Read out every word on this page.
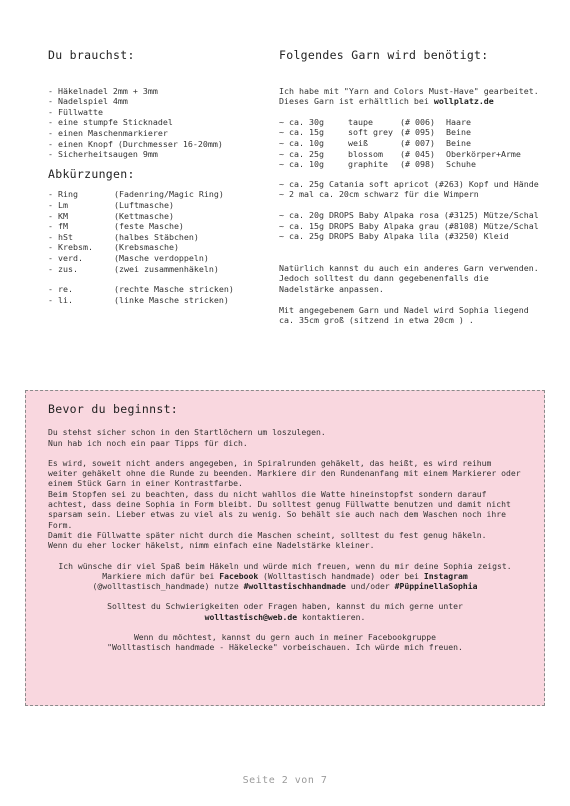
Du brauchst:
- Häkelnadel 2mm + 3mm
- Nadelspiel 4mm
- Füllwatte
- eine stumpfe Sticknadel
- einen Maschenmarkierer
- einen Knopf (Durchmesser 16-20mm)
- Sicherheitsaugen 9mm
Abkürzungen:
- Ring	(Fadenring/Magic Ring)
- Lm	(Luftmasche)
- KM	(Kettmasche)
- fM	(feste Masche)
- hSt	(halbes Stäbchen)
- Krebsm.	(Krebsmasche)
- verd.	(Masche verdoppeln)
- zus.	(zwei zusammenhäkeln)
- re.	(rechte Masche stricken)
- li.	(linke Masche stricken)
Folgendes Garn wird benötigt:

Ich habe mit "Yarn and Colors Must-Have" gearbeitet.

Dieses Garn ist erhältlich bei wollplatz.de

~ ca. 30g	taupe	(# 006)	Haare
~ ca. 15g	soft grey (# 095)	Beine
~ ca. 10g	weiß	(# 007)	Beine
~ ca. 25g	blossom	(# 045)	Oberkörper+Arme
~ ca. 10g	graphite	(# 098)	Schuhe

~ ca. 25g Catania soft apricot (#263) Kopf und Hände

~ 2 mal ca. 20cm schwarz für die Wimpern

~ ca. 20g DROPS Baby Alpaka rosa (#3125) Mütze/Schal

~ ca. 15g DROPS Baby Alpaka grau (#8108) Mütze/Schal

~ ca. 25g DROPS Baby Alpaka lila (#3250) Kleid

Natürlich kannst du auch ein anderes Garn verwenden.

Jedoch solltest du dann gegebenenfalls die

Nadelstärke anpassen.

Mit angegebenem Garn und Nadel wird Sophia liegend

ca. 35cm groß (sitzend in etwa 20cm ) .

Bevor du beginnst:

Du stehst sicher schon in den Startlöchern um loszulegen.

Nun hab ich noch ein paar Tipps für dich.

Es wird, soweit nicht anders angegeben, in Spiralrunden gehäkelt, das heißt, es wird reihum weiter gehäkelt ohne die Runde zu beenden. Markiere dir den Rundenanfang mit einem Markierer oder einem Stück Garn in einer Kontrastfarbe.

Beim Stopfen sei zu beachten, dass du nicht wahllos die Watte hineinstopfst sondern darauf achtest, dass deine Sophia in Form bleibt. Du solltest genug Füllwatte benutzen und damit nicht sparsam sein. Lieber etwas zu viel als zu wenig. So behält sie auch nach dem Waschen noch ihre Form.

Damit die Füllwatte später nicht durch die Maschen scheint, solltest du fest genug häkeln.

Wenn du eher locker häkelst, nimm einfach eine Nadelstärke kleiner.

Ich wünsche dir viel Spaß beim Häkeln und würde mich freuen, wenn du mir deine Sophia zeigst. Markiere mich dafür bei Facebook (Wolltastisch handmade) oder bei Instagram (@wolltastisch_handmade) nutze #wolltastischhandmade und/oder #PüppinellaSophia

Solltest du Schwierigkeiten oder Fragen haben, kannst du mich gerne unter
wolltastisch@web.de kontaktieren.

Wenn du möchtest, kannst du gern auch in meiner Facebookgruppe
"Wolltastisch handmade - Häkelecke" vorbeischauen. Ich würde mich freuen.

Seite 2 von 7
